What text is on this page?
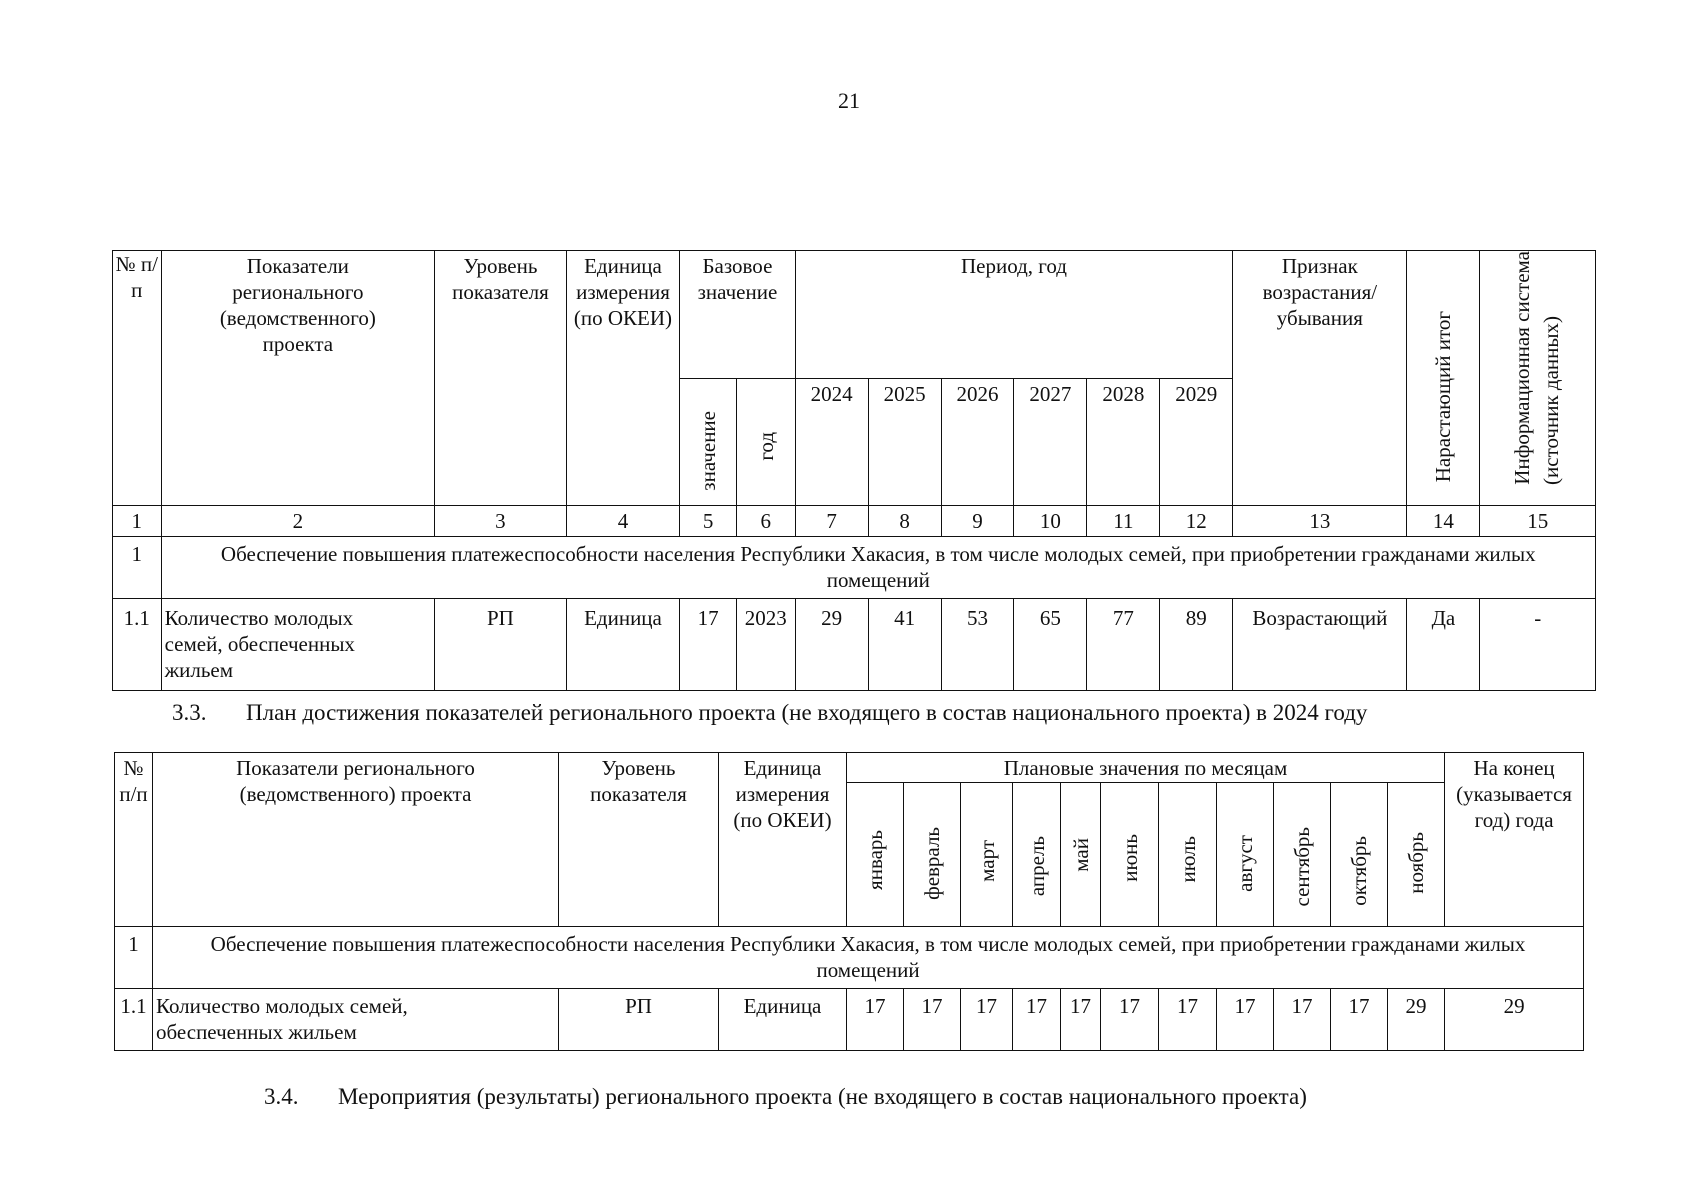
21
№ п/п	Показатели регионального (ведомственного) проекта	Уровень показателя	Единица измерения (по ОКЕИ)	Базовое значение		Период, год						Признак возрастания/ убывания	Нарастающий итог	Информационная система (источник данных)
				значение	год	2024	2025	2026	2027	2028	2029			
1	2	3	4	5	6	7	8	9	10	11	12	13	14	15
1	Обеспечение повышения платежеспособности населения Республики Хакасия, в том числе молодых семей, при приобретении гражданами жилых помещений													
1.1	Количество молодых семей, обеспеченных жильем	РП	Единица	17	2023	29	41	53	65	77	89	Возрастающий	Да	-
3.3. План достижения показателей регионального проекта (не входящего в состав национального проекта) в 2024 году
№ п/п	Показатели регионального (ведомственного) проекта	Уровень показателя	Единица измерения (по ОКЕИ)	Плановые значения по месяцам											На конец (указывается год) года
				январь	февраль	март	апрель	май	июнь	июль	август	сентябрь	октябрь	ноябрь	
1	Обеспечение повышения платежеспособности населения Республики Хакасия, в том числе молодых семей, при приобретении гражданами жилых помещений														
1.1	Количество молодых семей, обеспеченных жильем	РП	Единица	17	17	17	17	17	17	17	17	17	17	29	29
3.4. Мероприятия (результаты) регионального проекта (не входящего в состав национального проекта)
